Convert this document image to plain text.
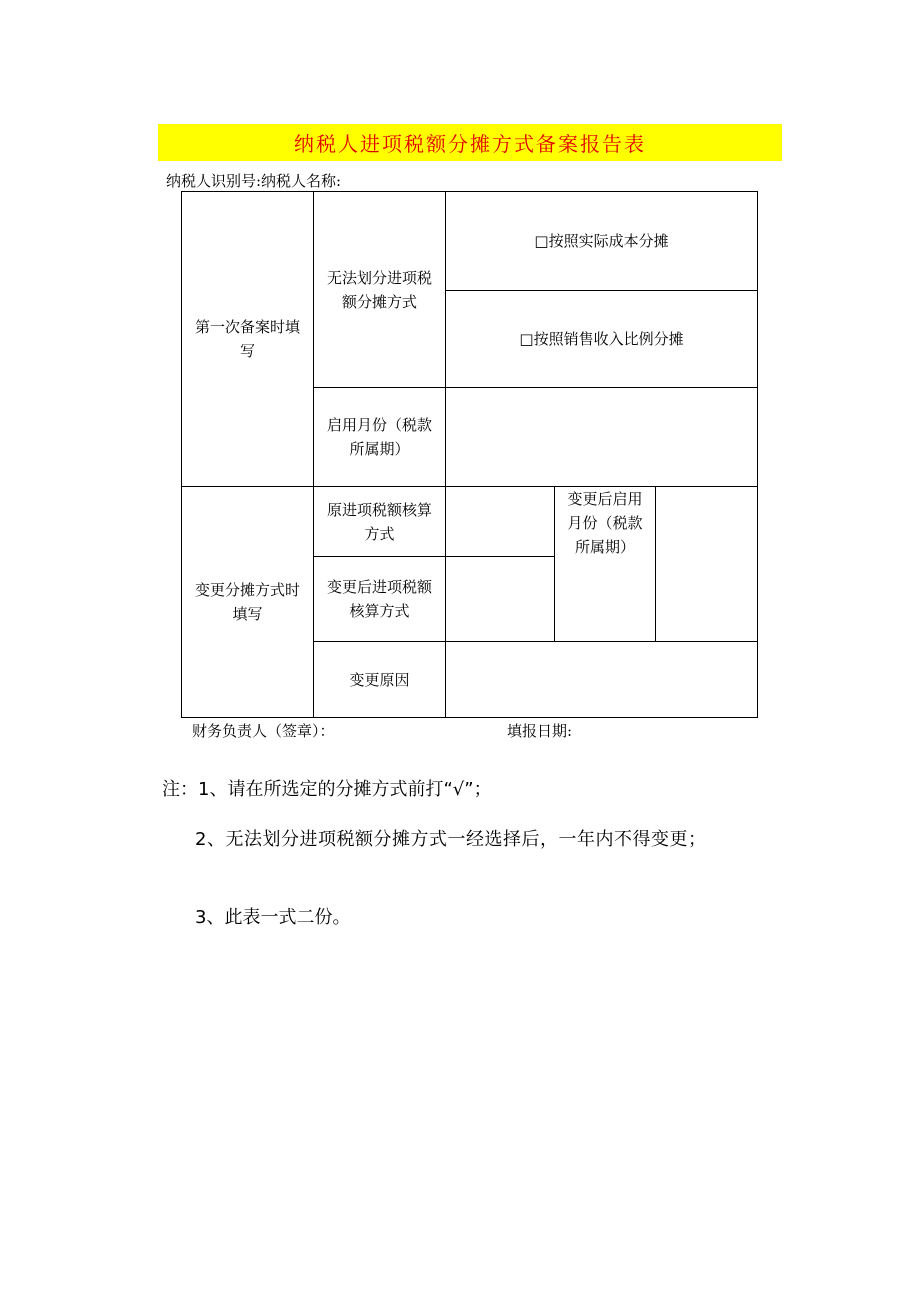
纳税人进项税额分摊方式备案报告表
纳税人识别号:纳税人名称:
第一次备案时填写
无法划分进项税额分摊方式
□按照实际成本分摊
□按照销售收入比例分摊
启用月份（税款所属期）
变更分摊方式时填写
原进项税额核算方式
变更后进项税额核算方式
变更后启用月份（税款所属期）
变更原因
财务负责人（签章）：	填报日期:
注：1、请在所选定的分摊方式前打“√”；
2、无法划分进项税额分摊方式一经选择后，一年内不得变更；
3、此表一式二份。
